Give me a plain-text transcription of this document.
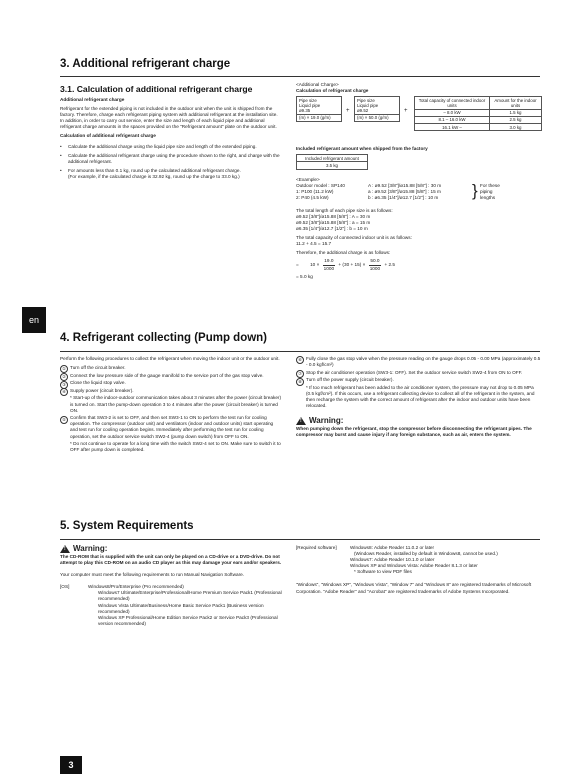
3. Additional refrigerant charge
3.1. Calculation of additional refrigerant charge
Additional refrigerant charge
Refrigerant for the extended piping is not included in the outdoor unit when the unit is shipped from the factory. Therefore, charge each refrigerant piping system with additional refrigerant at the installation site. In addition, in order to carry out service, enter the size and length of each liquid pipe and additional refrigerant charge amounts in the spaces provided on the "Refrigerant amount" plate on the outdoor unit.
Calculation of additional refrigerant charge
• Calculate the additional charge using the liquid pipe size and length of the extended piping.
• Calculate the additional refrigerant charge using the procedure shown to the right, and charge with the additional refrigerant.
• For amounts less than 0.1 kg, round up the calculated additional refrigerant charge.
(For example, if the calculated charge is 32.92 kg, round up the charge to 33.0 kg.)
<Additional Charge>
Calculation of refrigerant charge
Pipe size
Liquid pipe
ø9.35

(m) × 19.0 (g/m)
+
Pipe size
Liquid pipe
ø9.52

(m) × 50.0 (g/m)
+
Total capacity of connected indoor units	Amount for the indoor units
– 8.0 kW	1.5 kg
8.1 – 16.0 kW	2.5 kg
16.1 kW –	3.0 kg
Included refrigerant amount when shipped from the factory
Included refrigerant amount
3.5 kg
<Example>
Outdoor model : SP140
1: P100 (11.2 kW)
2: P40 (4.5 kW)
A : ø9.52 [3/8"]/ø15.88 [5/8"] : 30 m
a : ø9.52 [3/8"]/ø15.88 [5/8"] : 15 m
b : ø6.35 [1/4"]/ø12.7 [1/2"] : 10 m	} For these
piping
lengths
The total length of each pipe size is as follows:
ø9.52 [3/8"]/ø15.88 [5/8"] : A = 30 m
ø9.52 [3/8"]/ø15.88 [5/8"] : a = 15 m
ø6.35 [1/4"]/ø12.7 [1/2"] : b = 10 m
The total capacity of connected indoor unit is as follows:
11.2 + 4.5 = 15.7
Therefore, the additional charge is as follows:
= $10 \times \frac{19.0}{1000} + (30 + 15) \times \frac{50.0}{1000} + 2.5$
= 5.0 kg
en
4. Refrigerant collecting (Pump down)
Perform the following procedures to collect the refrigerant when moving the indoor unit or the outdoor unit.
① Turn off the circuit breaker.
② Connect the low pressure side of the gauge manifold to the service port of the gas stop valve.
③ Close the liquid stop valve.
④ Supply power (circuit breaker).
* Start-up of the indoor-outdoor communication takes about 3 minutes after the power (circuit breaker) is turned on. Start the pump-down operation 3 to 4 minutes after the power (circuit breaker) is turned ON.
⑤ Confirm that SW3-2 is set to OFF, and then set SW3-1 to ON to perform the test run for cooling operation. The compressor (outdoor unit) and ventilators (indoor and outdoor units) start operating and test run for cooling operation begins. Immediately after performing the test run for cooling operation, set the outdoor service switch SW2-4 (pump down switch) from OFF to ON.
* Do not continue to operate for a long time with the switch SW2-4 set to ON. Make sure to switch it to OFF after pump down is completed.
⑥ Fully close the gas stop valve when the pressure reading on the gauge drops 0.05 - 0.00 MPa (approximately 0.5 - 0.0 kgf/cm²)
⑦ Stop the air conditioner operation (SW3-1: OFF). Set the outdoor service switch SW2-4 from ON to OFF.
⑧ Turn off the power supply (circuit breaker).
* If too much refrigerant has been added to the air conditioner system, the pressure may not drop to 0.05 MPa (0.5 kgf/cm²). If this occurs, use a refrigerant collecting device to collect all of the refrigerant in the system, and then recharge the system with the correct amount of refrigerant after the indoor and outdoor units have been relocated.
! Warning:
When pumping down the refrigerant, stop the compressor before disconnecting the refrigerant pipes. The compressor may burst and cause injury if any foreign substance, such as air, enters the system.
5. System Requirements
! Warning:
The CD-ROM that is supplied with the unit can only be played on a CD-drive or a DVD-drive. Do not attempt to play this CD-ROM on an audio CD player as this may damage your ears and/or speakers.
Your computer must meet the following requirements to run Manual Navigation Software.
[OS]	Windows8/Pro/Enterprise (Pro recommended)
Windows7 Ultimate/Enterprise/Professional/Home Premium Service Pack1 (Professional recommended)
Windows Vista Ultimate/Business/Home Basic Service Pack1 (Business version recommended)
Windows XP Professional/Home Edition Service Pack2 or Service Pack3 (Professional version recommended)
[Required software]	Windows8: Adobe Reader 11.0.2 or later
(Windows Reader, installed by default in Windows8, cannot be used.)
Windows7: Adobe Reader 10.1.0 or later
Windows XP and Windows Vista: Adobe Reader 8.1.3 or later
* Software to view PDF files
"Windows", "Windows XP", "Windows Vista", "Window 7" and "Windows 8" are registered trademarks of Microsoft Corporation. "Adobe Reader" and "Acrobat" are registered trademarks of Adobe Systems Incorporated.
3
